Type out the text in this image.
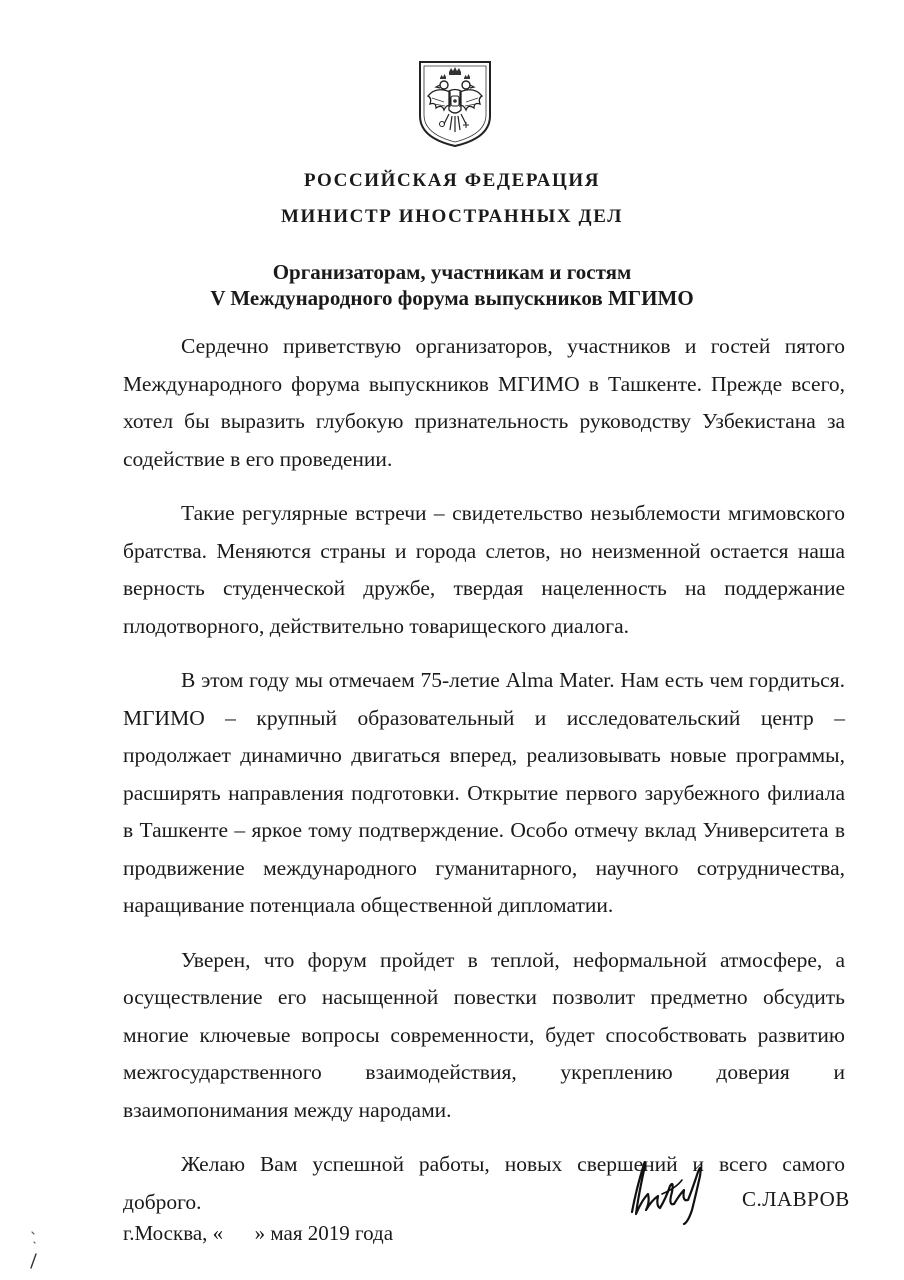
РОССИЙСКАЯ ФЕДЕРАЦИЯ
МИНИСТР ИНОСТРАННЫХ ДЕЛ
Организаторам, участникам и гостям
V Международного форума выпускников МГИМО

Сердечно приветствую организаторов, участников и гостей пятого Международного форума выпускников МГИМО в Ташкенте. Прежде всего, хотел бы выразить глубокую признательность руководству Узбекистана за содействие в его проведении.

Такие регулярные встречи – свидетельство незыблемости мгимовского братства. Меняются страны и города слетов, но неизменной остается наша верность студенческой дружбе, твердая нацеленность на поддержание плодотворного, действительно товарищеского диалога.

В этом году мы отмечаем 75-летие Alma Mater. Нам есть чем гордиться. МГИМО – крупный образовательный и исследовательский центр – продолжает динамично двигаться вперед, реализовывать новые программы, расширять направления подготовки. Открытие первого зарубежного филиала в Ташкенте – яркое тому подтверждение. Особо отмечу вклад Университета в продвижение международного гуманитарного, научного сотрудничества, наращивание потенциала общественной дипломатии.

Уверен, что форум пройдет в теплой, неформальной атмосфере, а осуществление его насыщенной повестки позволит предметно обсудить многие ключевые вопросы современности, будет способствовать развитию межгосударственного взаимодействия, укреплению доверия и взаимопонимания между народами.

Желаю Вам успешной работы, новых свершений и всего самого доброго.	С.ЛАВРОВ
г.Москва, «      » мая 2019 года
